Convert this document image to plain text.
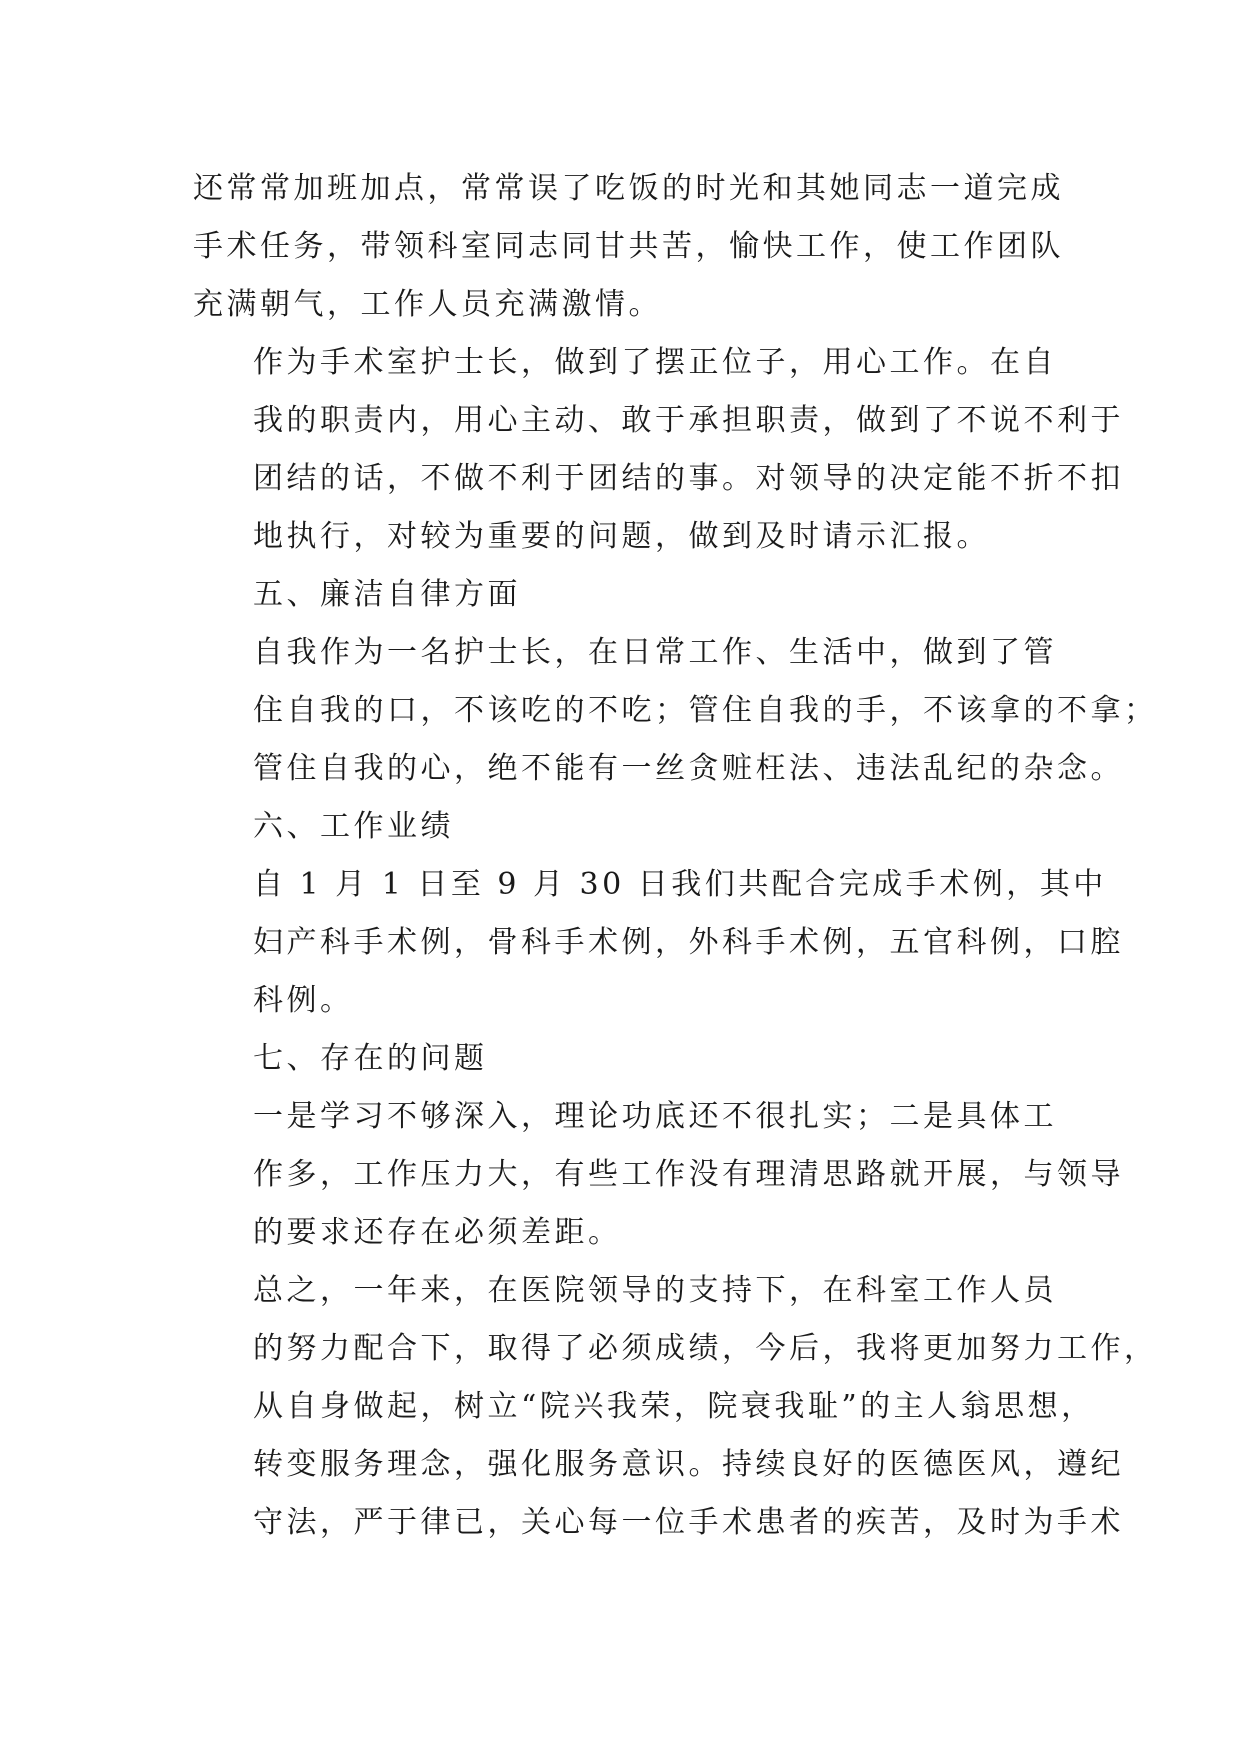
还常常加班加点，常常误了吃饭的时光和其她同志一道完成
手术任务，带领科室同志同甘共苦，愉快工作，使工作团队
充满朝气，工作人员充满激情。

作为手术室护士长，做到了摆正位子，用心工作。在自
我的职责内，用心主动、敢于承担职责，做到了不说不利于
团结的话，不做不利于团结的事。对领导的决定能不折不扣
地执行，对较为重要的问题，做到及时请示汇报。

五、廉洁自律方面

自我作为一名护士长，在日常工作、生活中，做到了管
住自我的口，不该吃的不吃；管住自我的手，不该拿的不拿；
管住自我的心，绝不能有一丝贪赃枉法、违法乱纪的杂念。

六、工作业绩

自 1 月 1 日至 9 月 30 日我们共配合完成手术例，其中
妇产科手术例，骨科手术例，外科手术例，五官科例，口腔
科例。

七、存在的问题

一是学习不够深入，理论功底还不很扎实；二是具体工
作多，工作压力大，有些工作没有理清思路就开展，与领导
的要求还存在必须差距。

总之，一年来，在医院领导的支持下，在科室工作人员
的努力配合下，取得了必须成绩，今后，我将更加努力工作，
从自身做起，树立“院兴我荣，院衰我耻”的主人翁思想，
转变服务理念，强化服务意识。持续良好的医德医风，遵纪
守法，严于律已，关心每一位手术患者的疾苦，及时为手术
